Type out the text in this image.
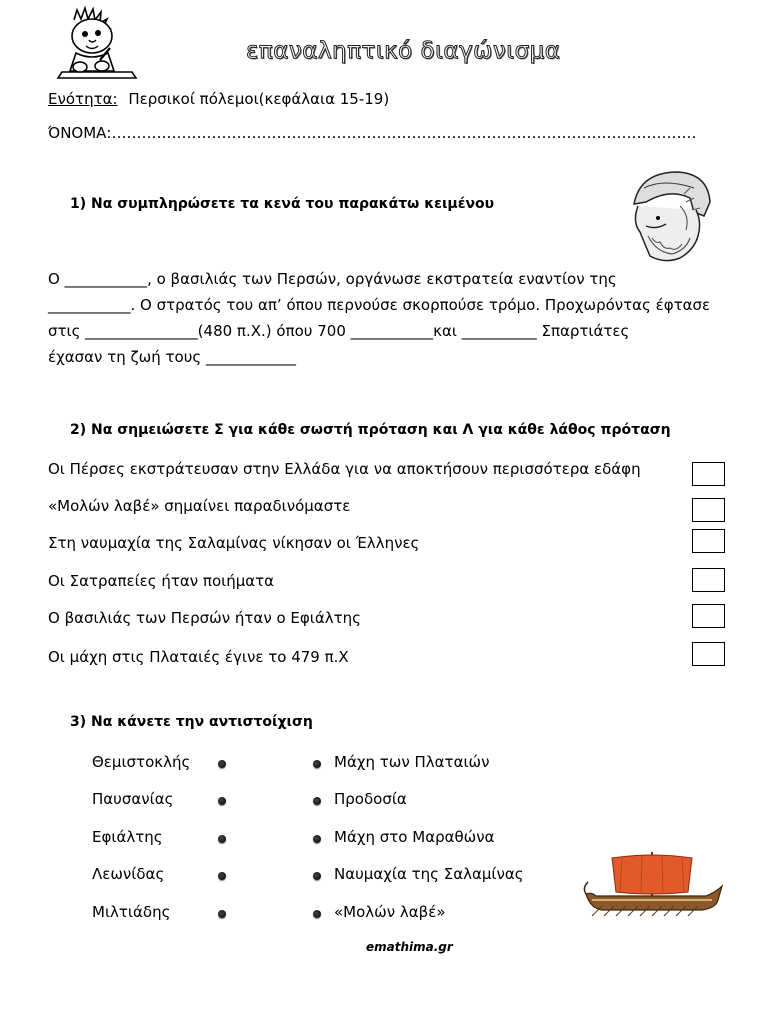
επαναληπτικό διαγώνισμα
Ενότητα: Περσικοί πόλεμοι(κεφάλαια 15-19)
ΌΝΟΜΑ:………………………………………………………………………………………………………
1) Να συμπληρώσετε τα κενά του παρακάτω κειμένου
Ο ___________, ο βασιλιάς των Περσών, οργάνωσε εκστρατεία εναντίον της
___________. Ο στρατός του απ’ όπου περνούσε σκορπούσε τρόμο. Προχωρόντας έφτασε
στις _______________(480 π.Χ.) όπου 700 ___________και __________ Σπαρτιάτες
έχασαν τη ζωή τους ____________
2) Να σημειώσετε Σ για κάθε σωστή πρόταση και Λ για κάθε λάθος πρόταση
Οι Πέρσες εκστράτευσαν στην Ελλάδα για να αποκτήσουν περισσότερα εδάφη
«Μολών λαβέ» σημαίνει παραδινόμαστε
Στη ναυμαχία της Σαλαμίνας νίκησαν οι Έλληνες
Οι Σατραπείες ήταν ποιήματα
Ο βασιλιάς των Περσών ήταν ο Εφιάλτης
Οι μάχη στις Πλαταιές έγινε το 479 π.Χ
3) Να κάνετε την αντιστοίχιση
Θεμιστοκλής	Μάχη των Πλαταιών
Παυσανίας	Προδοσία
Εφιάλτης	Μάχη στο Μαραθώνα
Λεωνίδας	Ναυμαχία της Σαλαμίνας
Μιλτιάδης	«Μολών λαβέ»
emathima.gr
